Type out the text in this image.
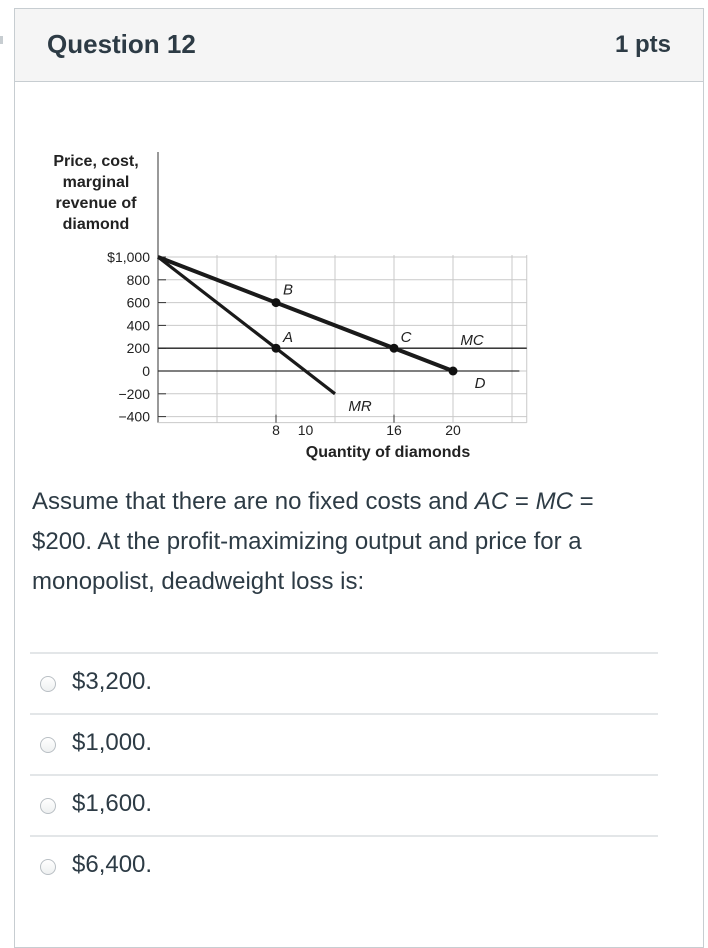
Question 12	1 pts
Price, cost,
marginal
revenue of
diamond
$1,000
800
600
400
200
0
−200
−400
8 10	16	20
MC
D
MR
B
A	C
Quantity of diamonds
Assume that there are no fixed costs and AC = MC = $200. At the profit-maximizing output and price for a monopolist, deadweight loss is:
$3,200.
$1,000.
$1,600.
$6,400.
